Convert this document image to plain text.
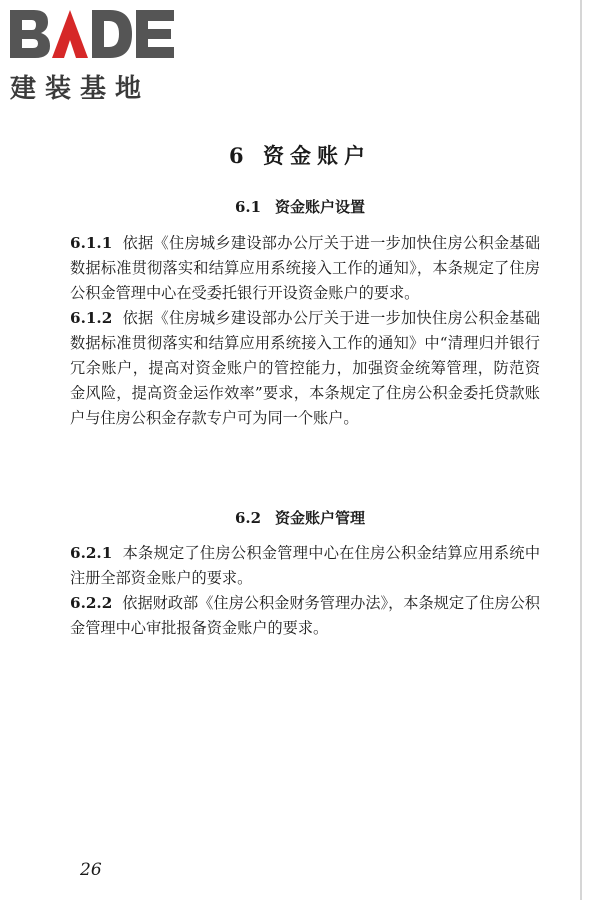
建装基地
6 资金账户
6.1 资金账户设置

6.1.1 依据《住房城乡建设部办公厅关于进一步加快住房公积金基础数据标准贯彻落实和结算应用系统接入工作的通知》，本条规定了住房公积金管理中心在受委托银行开设资金账户的要求。

6.1.2 依据《住房城乡建设部办公厅关于进一步加快住房公积金基础数据标准贯彻落实和结算应用系统接入工作的通知》中“清理归并银行冗余账户，提高对资金账户的管控能力，加强资金统筹管理，防范资金风险，提高资金运作效率”要求，本条规定了住房公积金委托贷款账户与住房公积金存款专户可为同一个账户。

6.2 资金账户管理

6.2.1 本条规定了住房公积金管理中心在住房公积金结算应用系统中注册全部资金账户的要求。

6.2.2 依据财政部《住房公积金财务管理办法》，本条规定了住房公积金管理中心审批报备资金账户的要求。

26
